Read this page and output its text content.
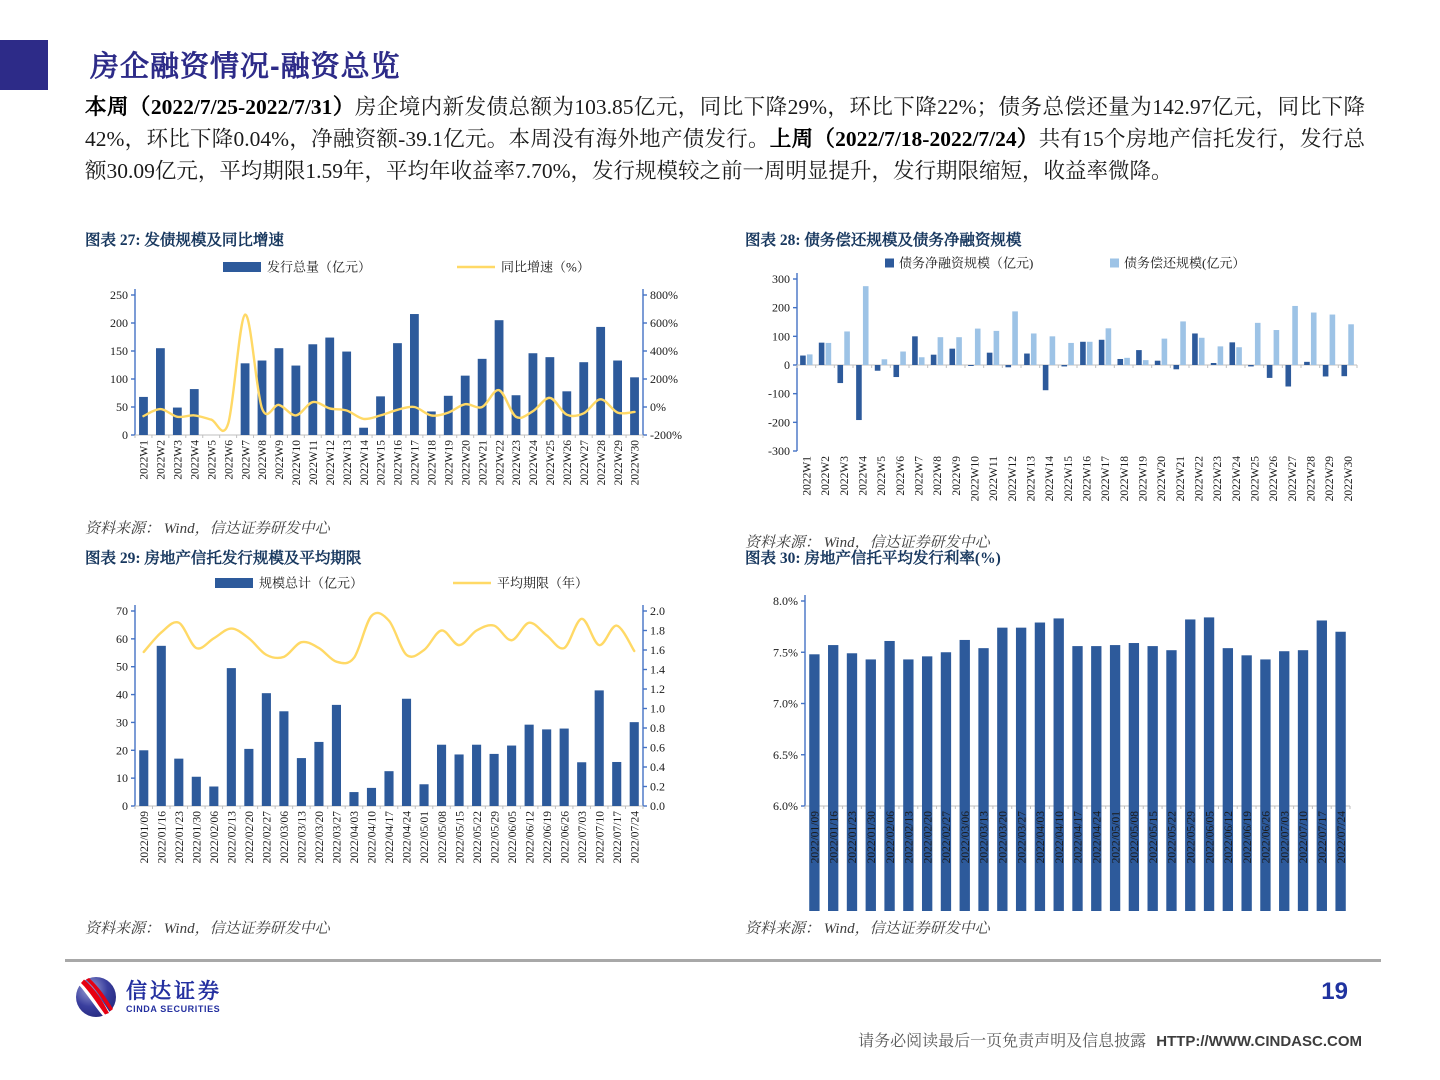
房企融资情况-融资总览

本周（2022/7/25-2022/7/31）房企境内新发债总额为103.85亿元，同比下降29%，环比下降22%；债务总偿还量为142.97亿元，同比下降42%，环比下降0.04%，净融资额-39.1亿元。本周没有海外地产债发行。上周（2022/7/18-2022/7/24）共有15个房地产信托发行，发行总额30.09亿元，平均期限1.59年，平均年收益率7.70%，发行规模较之前一周明显提升，发行期限缩短，收益率微降。

图表 27: 发债规模及同比增速
发行总量（亿元）	同比增速（%）
250
200
150
100
50
0
800%
600%
400%
200%
0%
-200%
2022W1 2022W2 2022W3 2022W4 2022W5 2022W6 2022W7 2022W8 2022W9 2022W10 2022W11 2022W12 2022W13 2022W14 2022W15 2022W16 2022W17 2022W18 2022W19 2022W20 2022W21 2022W22 2022W23 2022W24 2022W25 2022W26 2022W27 2022W28 2022W29 2022W30
资料来源： Wind，信达证券研发中心
图表 28: 债务偿还规模及债务净融资规模
债务净融资规模（亿元)	债务偿还规模(亿元）
300
200
100
0
-100
-200
-300
2022W1 2022W2 2022W3 2022W4 2022W5 2022W6 2022W7 2022W8 2022W9 2022W10 2022W11 2022W12 2022W13 2022W14 2022W15 2022W16 2022W17 2022W18 2022W19 2022W20 2022W21 2022W22 2022W23 2022W24 2022W25 2022W26 2022W27 2022W28 2022W29 2022W30
资料来源： Wind，信达证券研发中心
图表 29: 房地产信托发行规模及平均期限
规模总计（亿元）	平均期限（年）
70
60
50
40
30
20
10
0
2.0
1.8
1.6
1.4
1.2
1.0
0.8
0.6
0.4
0.2
0.0
2022/01/09 2022/01/16 2022/01/23 2022/01/30 2022/02/06 2022/02/13 2022/02/20 2022/02/27 2022/03/06 2022/03/13 2022/03/20 2022/03/27 2022/04/03 2022/04/10 2022/04/17 2022/04/24 2022/05/01 2022/05/08 2022/05/15 2022/05/22 2022/05/29 2022/06/05 2022/06/12 2022/06/19 2022/06/26 2022/07/03 2022/07/10 2022/07/17 2022/07/24
资料来源： Wind，信达证券研发中心
图表 30: 房地产信托平均发行利率(%)
8.0%
7.5%
7.0%
6.5%
6.0%
2022/01/09 2022/01/16 2022/01/23 2022/01/30 2022/02/06 2022/02/13 2022/02/20 2022/02/27 2022/03/06 2022/03/13 2022/03/20 2022/03/27 2022/04/03 2022/04/10 2022/04/17 2022/04/24 2022/05/01 2022/05/08 2022/05/15 2022/05/22 2022/05/29 2022/06/05 2022/06/12 2022/06/19 2022/06/26 2022/07/03 2022/07/10 2022/07/17 2022/07/24
资料来源： Wind，信达证券研发中心
信达证券
CINDA SECURITIES
19
请务必阅读最后一页免责声明及信息披露 HTTP://WWW.CINDASC.COM
